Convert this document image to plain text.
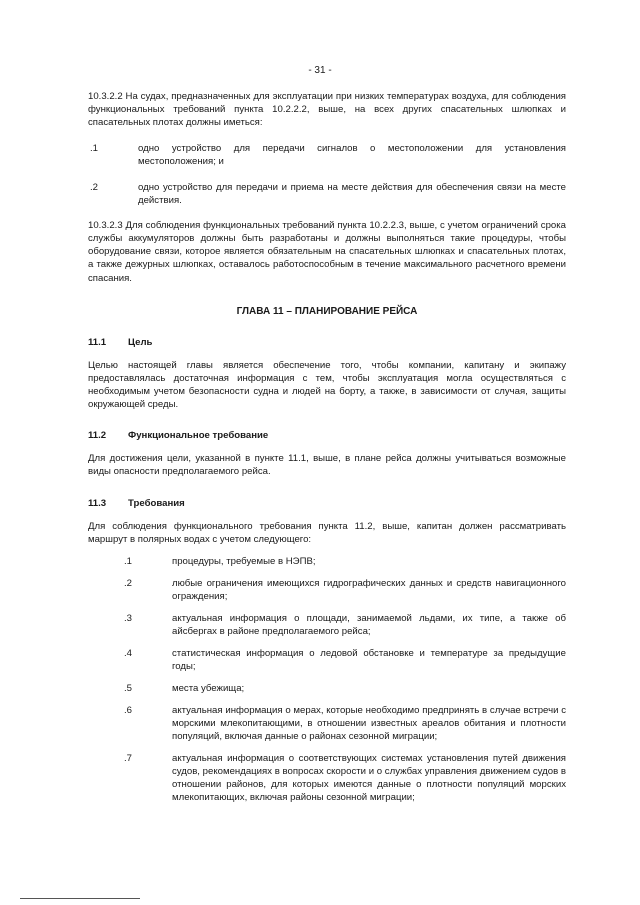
- 31 -

10.3.2.2 На судах, предназначенных для эксплуатации при низких температурах воздуха, для соблюдения функциональных требований пункта 10.2.2.2, выше, на всех других спасательных шлюпках и спасательных плотах должны иметься:

.1	одно устройство для передачи сигналов о местоположении для установления местоположения; и
.2	одно устройство для передачи и приема на месте действия для обеспечения связи на месте действия.

10.3.2.3 Для соблюдения функциональных требований пункта 10.2.2.3, выше, с учетом ограничений срока службы аккумуляторов должны быть разработаны и должны выполняться такие процедуры, чтобы оборудование связи, которое является обязательным на спасательных шлюпках и спасательных плотах, а также дежурных шлюпках, оставалось работоспособным в течение максимального расчетного времени спасания.

ГЛАВА 11 – ПЛАНИРОВАНИЕ РЕЙСА
11.1	Цель

Целью настоящей главы является обеспечение того, чтобы компании, капитану и экипажу предоставлялась достаточная информация с тем, чтобы эксплуатация могла осуществляться с необходимым учетом безопасности судна и людей на борту, а также, в зависимости от случая, защиты окружающей среды.

11.2	Функциональное требование

Для достижения цели, указанной в пункте 11.1, выше, в плане рейса должны учитываться возможные виды опасности предполагаемого рейса.

11.3	Требования

Для соблюдения функционального требования пункта 11.2, выше, капитан должен рассматривать маршрут в полярных водах с учетом следующего:

.1	процедуры, требуемые в НЭПВ;
.2	любые ограничения имеющихся гидрографических данных и средств навигационного ограждения;
.3	актуальная информация о площади, занимаемой льдами, их типе, а также об айсбергах в районе предполагаемого рейса;
.4	статистическая информация о ледовой обстановке и температуре за предыдущие годы;
.5	места убежища;
.6	актуальная информация о мерах, которые необходимо предпринять в случае встречи с морскими млекопитающими, в отношении известных ареалов обитания и плотности популяций, включая данные о районах сезонной миграции;
.7	актуальная информация о соответствующих системах установления путей движения судов, рекомендациях в вопросах скорости и о службах управления движением судов в отношении районов, для которых имеются данные о плотности популяций морских млекопитающих, включая районы сезонной миграции;
